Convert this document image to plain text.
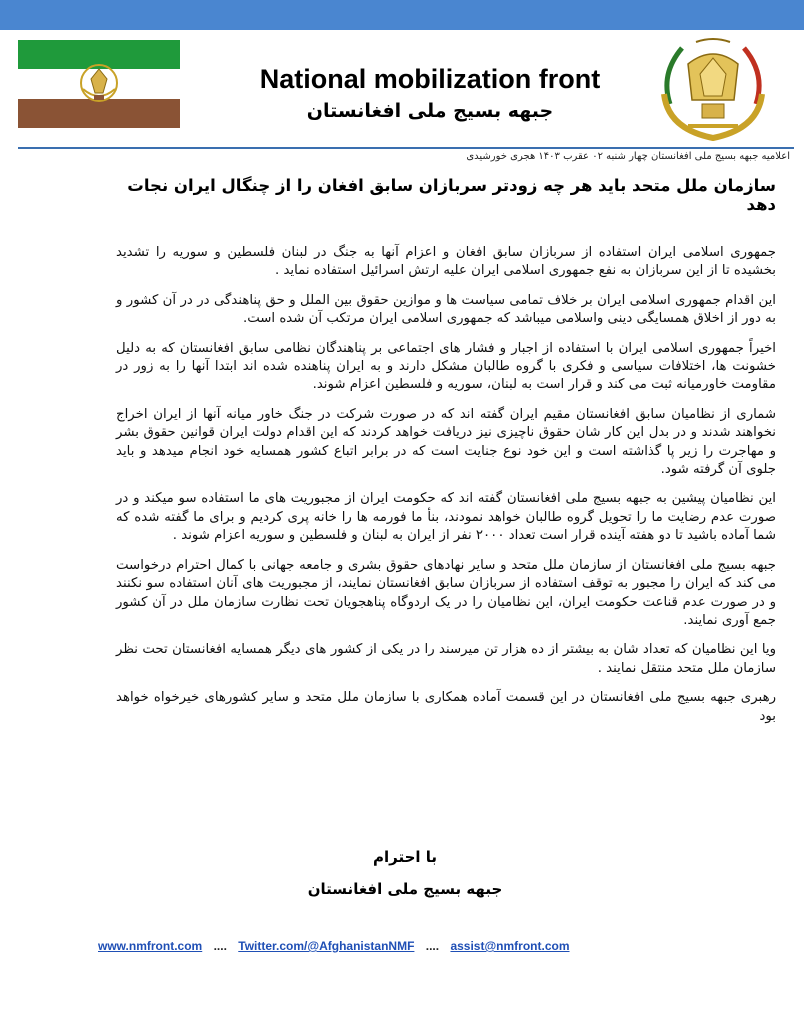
National mobilization front
جبهه بسیج ملی افغانستان
اعلامیه جبهه بسیج ملی افغانستان چهار شنبه ۰۲ عقرب ۱۴۰۳ هجری خورشیدی
سازمان ملل متحد باید هر چه زودتر سربازان سابق افغان را از چنگال ایران نجات دهد

جمهوری اسلامی ایران استفاده از سربازان سابق افغان و اعزام آنها به جنگ در لبنان فلسطین و سوریه را تشدید بخشیده تا از این سربازان به نفع جمهوری اسلامی ایران علیه ارتش اسرائیل استفاده نماید .

این اقدام جمهوری اسلامی ایران بر خلاف تمامی سیاست ها و موازین حقوق بین الملل و حق پناهندگی در در آن کشور و به دور از اخلاق همسایگی دینی واسلامی میباشد که جمهوری اسلامی ایران مرتکب آن شده است.

اخیراً جمهوری اسلامی ایران با استفاده از اجبار و فشار های اجتماعی بر پناهندگان نظامی سابق افغانستان که به دلیل خشونت ها، اختلافات سیاسی و فکری با گروه طالبان مشکل دارند و به ایران پناهنده شده اند ابتدا آنها را به زور در مقاومت خاورمیانه ثبت می کند و قرار است به لبنان، سوریه و فلسطین اعزام شوند.

شماری از نظامیان سابق افغانستان مقیم ایران گفته اند که در صورت شرکت در جنگ خاور میانه آنها از ایران اخراج نخواهند شدند و در بدل این کار شان حقوق ناچیزی نیز دریافت خواهد کردند که این اقدام دولت ایران قوانین حقوق بشر و مهاجرت را زیر پا گذاشته است و این خود نوع جنایت است که در برابر اتباع کشور همسایه خود انجام میدهد و باید جلوی آن گرفته شود.

این نظامیان پیشین به جبهه بسیج ملی افغانستان گفته اند که حکومت ایران از مجبوریت های ما استفاده سو میکند و در صورت عدم رضایت ما را تحویل گروه طالبان خواهد نمودند، بنأ ما فورمه ها را خانه پری کردیم و برای ما گفته شده که شما آماده باشید تا دو هفته آینده قرار است تعداد ۲۰۰۰ نفر از ایران به لبنان و فلسطین و سوریه اعزام شوند .

جبهه بسیج ملی افغانستان از سازمان ملل متحد و سایر نهادهای حقوق بشری و جامعه جهانی با کمال احترام درخواست می کند که ایران را مجبور به توقف استفاده از سربازان سابق افغانستان نمایند، از مجبوریت های آنان استفاده سو نکنند و در صورت عدم قناعت حکومت ایران، این نظامیان را در یک اردوگاه پناهجویان تحت نظارت سازمان ملل در آن کشور جمع آوری نمایند.

ویا این نظامیان که تعداد شان به بیشتر از ده هزار تن میرسند را در یکی از کشور های دیگر همسایه افغانستان تحت نظر سازمان ملل متحد منتقل نمایند .

رهبری جبهه بسیج ملی افغانستان در این قسمت آماده همکاری با سازمان ملل متحد و سایر کشورهای خیرخواه خواهد بود

با احترام
جبهه بسیج ملی افغانستان
www.nmfront.com .... Twitter.com/@AfghanistanNMF .... assist@nmfront.com
